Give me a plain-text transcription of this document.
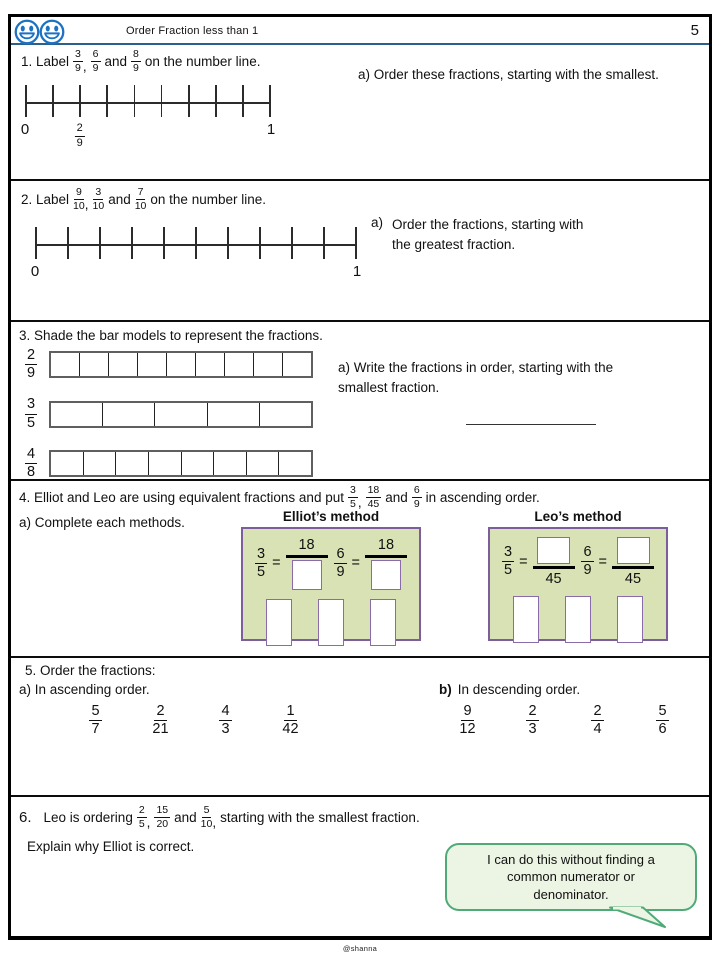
Order Fraction less than 1	5
1. Label $\frac{3}{9}$ , $\frac{6}{9}$ and $\frac{8}{9}$ on the number line.
a) Order these fractions, starting with the smallest.
0	1
$\frac{2}{9}$
2. Label $\frac{9}{10}$ , $\frac{3}{10}$ and $\frac{7}{10}$ on the number line.
a) Order the fractions, starting with
the greatest fraction.
0	1
3. Shade the bar models to represent the fractions.
$\frac{2}{9}$
$\frac{3}{5}$
$\frac{4}{8}$
a) Write the fractions in order, starting with the smallest fraction.
4. Elliot and Leo are using equivalent fractions and put $\frac{3}{5}$ , $\frac{18}{45}$ and $\frac{6}{9}$ in ascending order.
a) Complete each methods.	Elliot’s method
$\frac{3}{5}$ =
18
$\frac{6}{9}$ =
18
Leo’s method
$\frac{3}{5}$ =
45
$\frac{6}{9}$ =
45
5. Order the fractions:
a) In ascending order.	b) In descending order.
$\frac{5}{7}$	$\frac{2}{21}$	$\frac{4}{3}$	$\frac{1}{42}$	$\frac{9}{12}$	$\frac{2}{3}$	$\frac{2}{4}$	$\frac{5}{6}$
6. Leo is ordering $\frac{2}{5}$ , $\frac{15}{20}$ and $\frac{5}{10}$ , starting with the smallest fraction.
Explain why Elliot is correct.
I can do this without finding a common numerator or denominator.
@shanna
